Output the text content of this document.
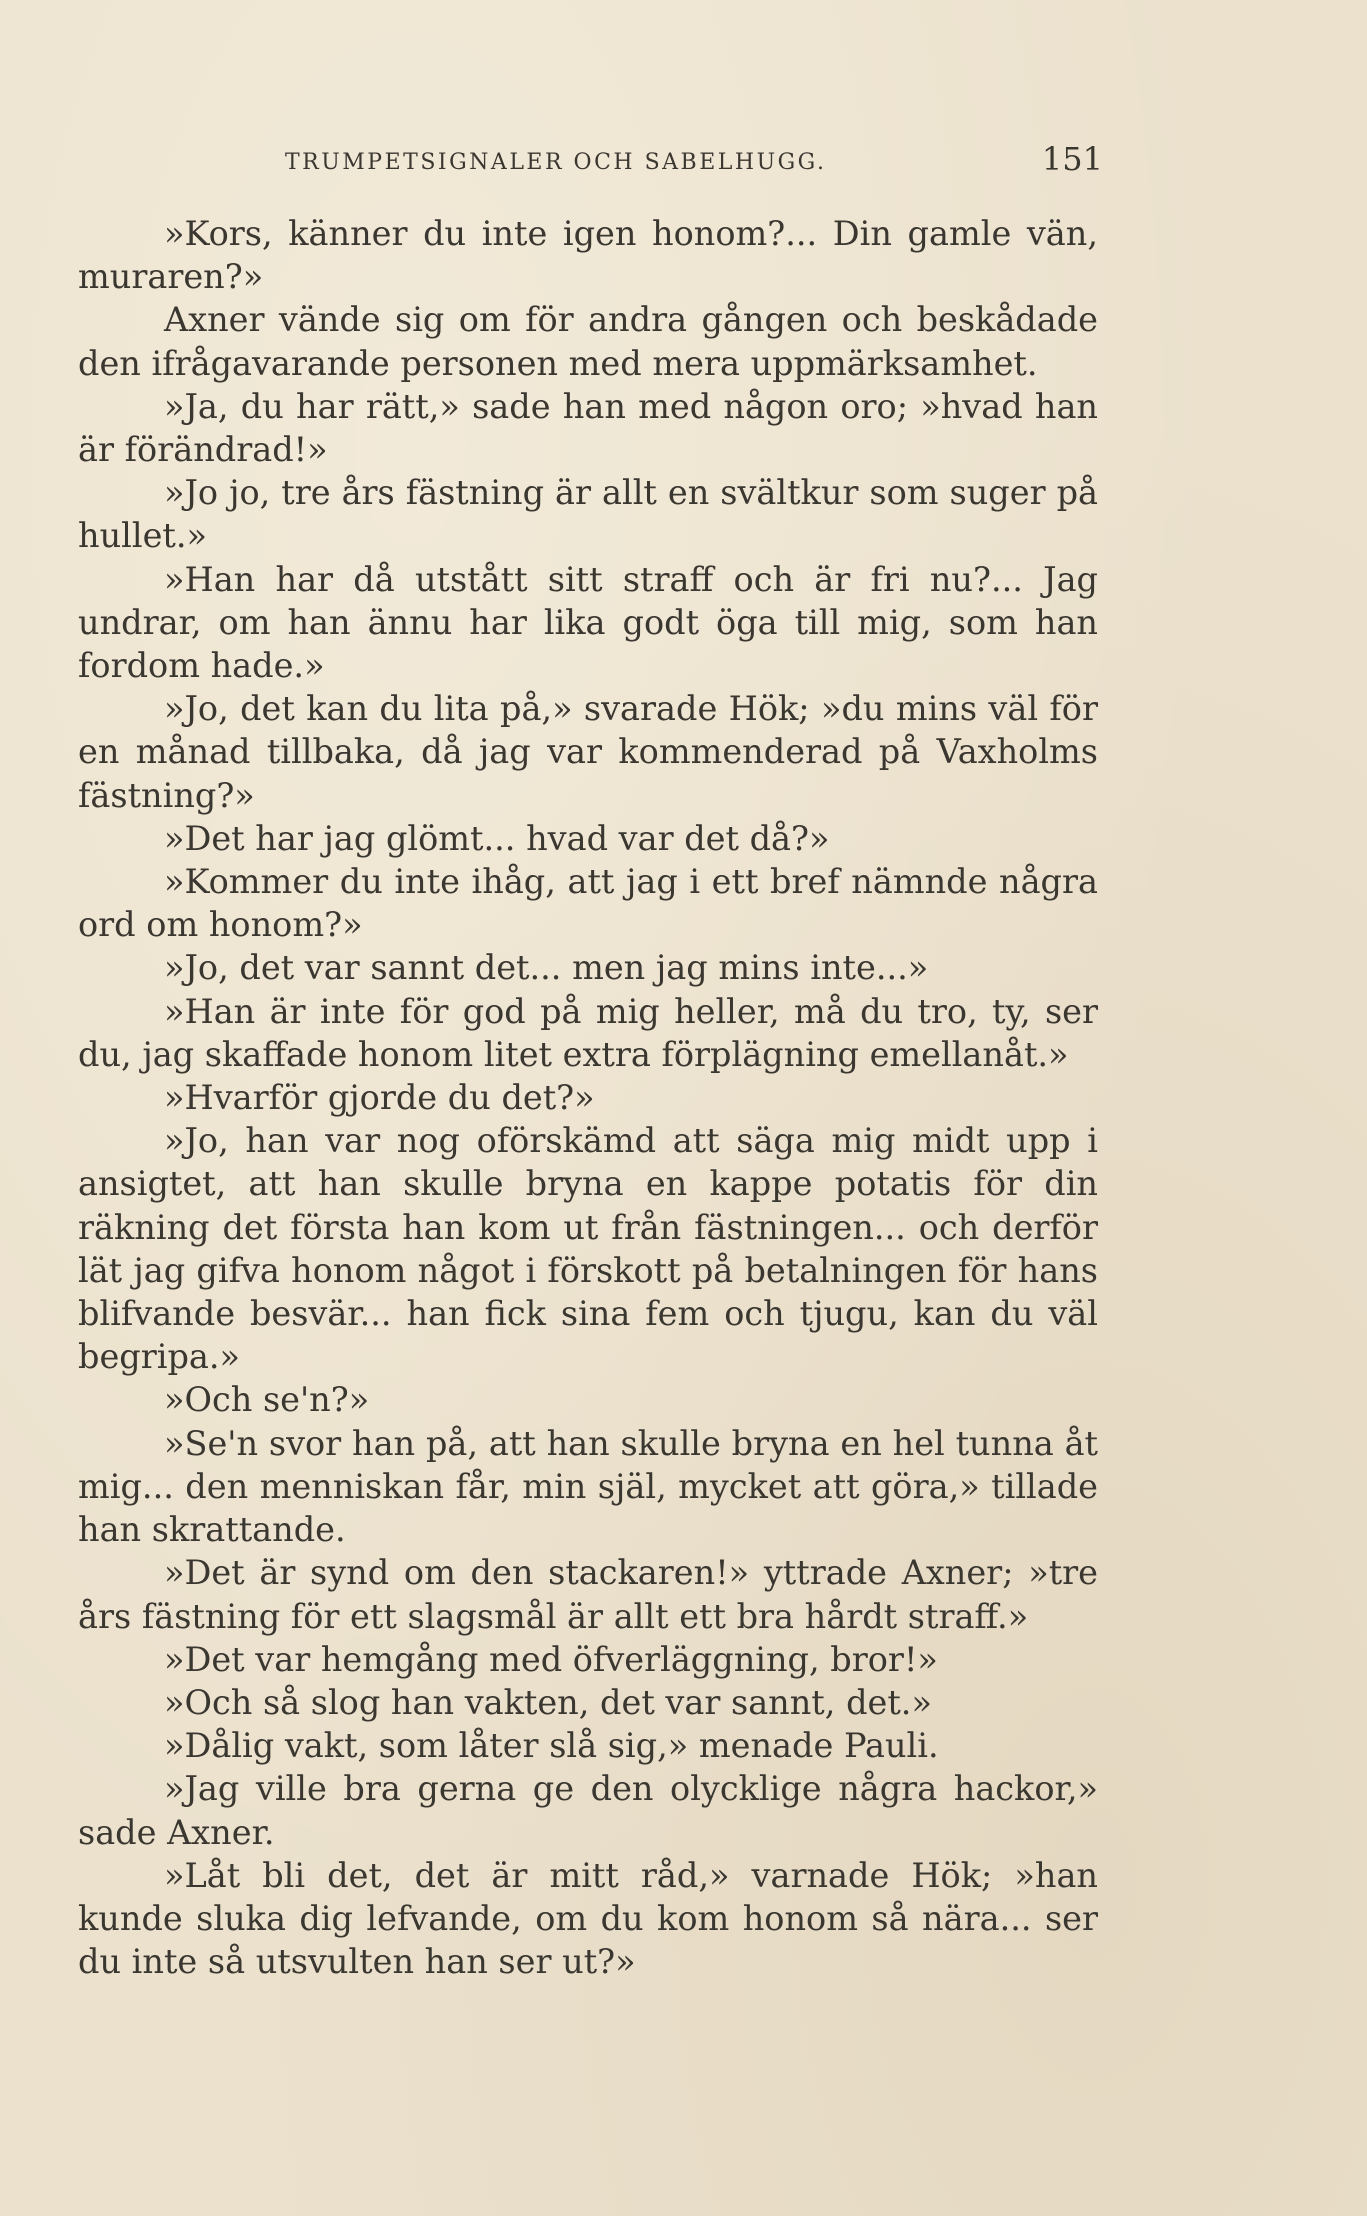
TRUMPETSIGNALER OCH SABELHUGG.	151

»Kors, känner du inte igen honom?... Din gamle vän, muraren?»

Axner vände sig om för andra gången och beskådade den ifrågavarande personen med mera uppmärksamhet.

»Ja, du har rätt,» sade han med någon oro; »hvad han är förändrad!»

»Jo jo, tre års fästning är allt en svältkur som suger på hullet.»

»Han har då utstått sitt straff och är fri nu?... Jag undrar, om han ännu har lika godt öga till mig, som han fordom hade.»

»Jo, det kan du lita på,» svarade Hök; »du mins väl för en månad tillbaka, då jag var kommenderad på Vaxholms fästning?»

»Det har jag glömt... hvad var det då?»

»Kommer du inte ihåg, att jag i ett bref nämnde några ord om honom?»

»Jo, det var sannt det... men jag mins inte...»

»Han är inte för god på mig heller, må du tro, ty, ser du, jag skaffade honom litet extra förplägning emellanåt.»

»Hvarför gjorde du det?»

»Jo, han var nog oförskämd att säga mig midt upp i ansigtet, att han skulle bryna en kappe potatis för din räkning det första han kom ut från fästningen... och derför lät jag gifva honom något i förskott på betalningen för hans blifvande besvär... han fick sina fem och tjugu, kan du väl begripa.»

»Och se'n?»

»Se'n svor han på, att han skulle bryna en hel tunna åt mig... den menniskan får, min själ, mycket att göra,» tillade han skrattande.

»Det är synd om den stackaren!» yttrade Axner; »tre års fästning för ett slagsmål är allt ett bra hårdt straff.»

»Det var hemgång med öfverläggning, bror!»

»Och så slog han vakten, det var sannt, det.»

»Dålig vakt, som låter slå sig,» menade Pauli.

»Jag ville bra gerna ge den olycklige några hackor,» sade Axner.

»Låt bli det, det är mitt råd,» varnade Hök; »han kunde sluka dig lefvande, om du kom honom så nära... ser du inte så utsvulten han ser ut?»
